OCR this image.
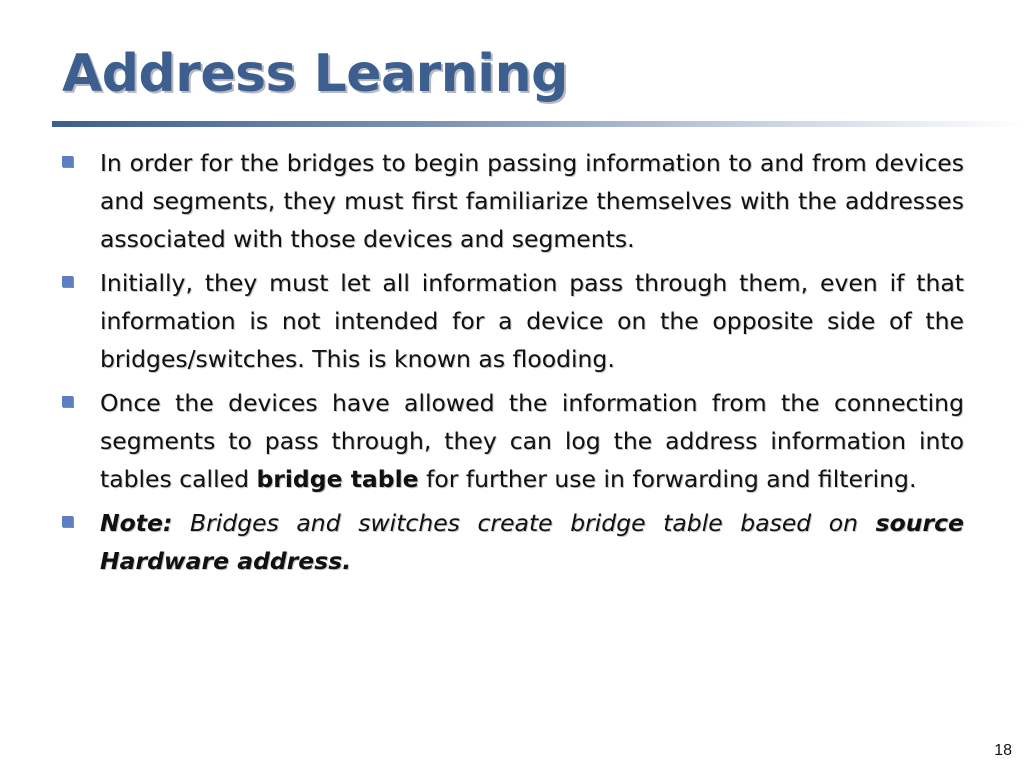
Address Learning
In order for the bridges to begin passing information to and from devices and segments, they must first familiarize themselves with the addresses associated with those devices and segments.
Initially, they must let all information pass through them, even if that information is not intended for a device on the opposite side of the bridges/switches. This is known as flooding.
Once the devices have allowed the information from the connecting segments to pass through, they can log the address information into tables called bridge table for further use in forwarding and filtering.
Note: Bridges and switches create bridge table based on source Hardware address.
18
